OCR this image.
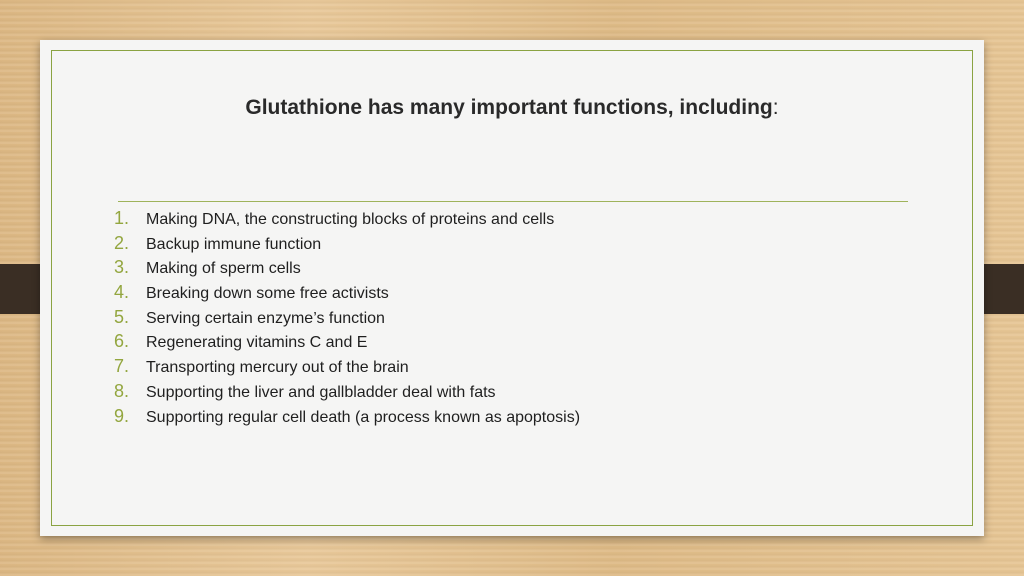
Glutathione has many important functions, including:
1.	Making DNA, the constructing blocks of proteins and cells
2.	Backup immune function
3.	Making of sperm cells
4.	Breaking down some free activists
5.	Serving certain enzyme’s function
6.	Regenerating vitamins C and E
7.	Transporting mercury out of the brain
8.	Supporting the liver and gallbladder deal with fats
9.	Supporting regular cell death (a process known as apoptosis)
